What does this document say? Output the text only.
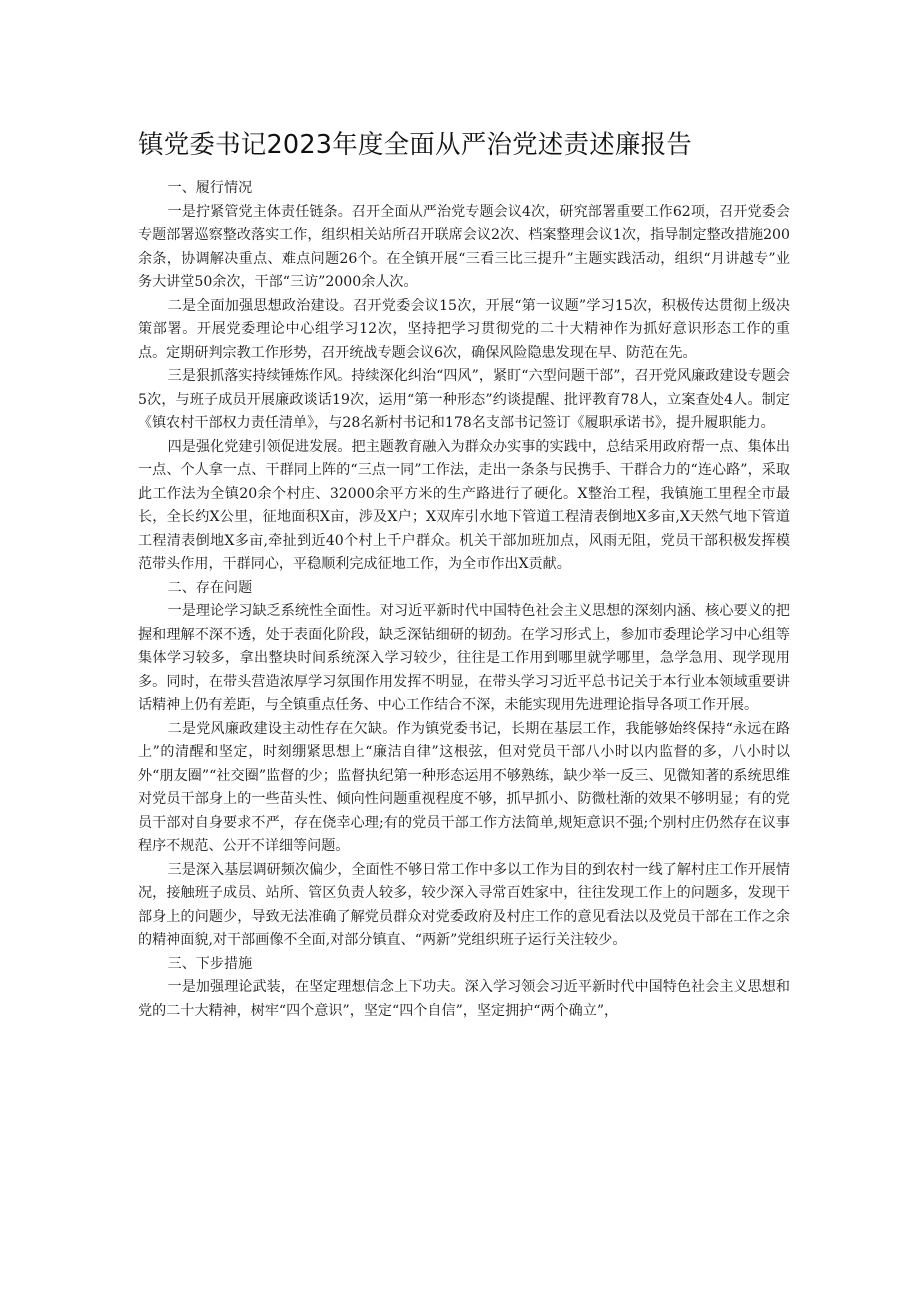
镇党委书记2023年度全面从严治党述责述廉报告

一、履行情况

一是拧紧管党主体责任链条。召开全面从严治党专题会议4次，研究部署重要工作62项，召开党委会专题部署巡察整改落实工作，组织相关站所召开联席会议2次、档案整理会议1次，指导制定整改措施200余条，协调解决重点、难点问题26个。在全镇开展“三看三比三提升”主题实践活动，组织“月讲越专”业务大讲堂50余次，干部“三访”2000余人次。

二是全面加强思想政治建设。召开党委会议15次，开展“第一议题”学习15次，积极传达贯彻上级决策部署。开展党委理论中心组学习12次，坚持把学习贯彻党的二十大精神作为抓好意识形态工作的重点。定期研判宗教工作形势，召开统战专题会议6次，确保风险隐患发现在早、防范在先。

三是狠抓落实持续锤炼作风。持续深化纠治“四风”，紧盯“六型问题干部”，召开党风廉政建设专题会5次，与班子成员开展廉政谈话19次，运用“第一种形态”约谈提醒、批评教育78人，立案查处4人。制定《镇农村干部权力责任清单》，与28名新村书记和178名支部书记签订《履职承诺书》，提升履职能力。

四是强化党建引领促进发展。把主题教育融入为群众办实事的实践中，总结采用政府帮一点、集体出一点、个人拿一点、干群同上阵的“三点一同”工作法，走出一条条与民携手、干群合力的“连心路”，采取此工作法为全镇20余个村庄、32000余平方米的生产路进行了硬化。X整治工程，我镇施工里程全市最长，全长约X公里，征地面积X亩，涉及X户；X双库引水地下管道工程清表倒地X多亩,X天然气地下管道工程清表倒地X多亩,牵扯到近40个村上千户群众。机关干部加班加点，风雨无阻，党员干部积极发挥模范带头作用，干群同心，平稳顺利完成征地工作，为全市作出X贡献。

二、存在问题

一是理论学习缺乏系统性全面性。对习近平新时代中国特色社会主义思想的深刻内涵、核心要义的把握和理解不深不透，处于表面化阶段，缺乏深钻细研的韧劲。在学习形式上，参加市委理论学习中心组等集体学习较多，拿出整块时间系统深入学习较少，往往是工作用到哪里就学哪里，急学急用、现学现用多。同时，在带头营造浓厚学习氛围作用发挥不明显，在带头学习习近平总书记关于本行业本领域重要讲话精神上仍有差距，与全镇重点任务、中心工作结合不深，未能实现用先进理论指导各项工作开展。

二是党风廉政建设主动性存在欠缺。作为镇党委书记，长期在基层工作，我能够始终保持“永远在路上”的清醒和坚定，时刻绷紧思想上“廉洁自律”这根弦，但对党员干部八小时以内监督的多，八小时以外“朋友圈”“社交圈”监督的少；监督执纪第一种形态运用不够熟练，缺少举一反三、见微知著的系统思维对党员干部身上的一些苗头性、倾向性问题重视程度不够，抓早抓小、防微杜渐的效果不够明显；有的党员干部对自身要求不严，存在侥幸心理;有的党员干部工作方法简单,规矩意识不强;个别村庄仍然存在议事程序不规范、公开不详细等问题。

三是深入基层调研频次偏少，全面性不够日常工作中多以工作为目的到农村一线了解村庄工作开展情况，接触班子成员、站所、管区负责人较多，较少深入寻常百姓家中，往往发现工作上的问题多，发现干部身上的问题少，导致无法准确了解党员群众对党委政府及村庄工作的意见看法以及党员干部在工作之余的精神面貌,对干部画像不全面,对部分镇直、“两新”党组织班子运行关注较少。

三、下步措施

一是加强理论武装，在坚定理想信念上下功夫。深入学习领会习近平新时代中国特色社会主义思想和党的二十大精神，树牢“四个意识”，坚定“四个自信”，坚定拥护“两个确立”，
